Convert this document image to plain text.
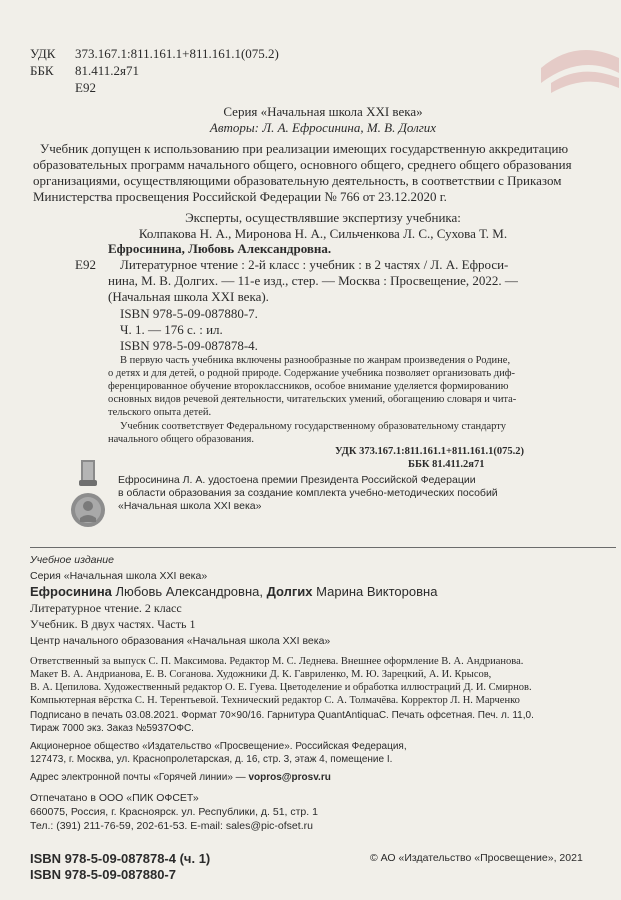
УДК 373.167.1:811.161.1+811.161.1(075.2)
ББК 81.411.2я71
Е92
Серия «Начальная школа XXI века»
Авторы: Л. А. Ефросинина, М. В. Долгих
Учебник допущен к использованию при реализации имеющих государственную аккредитацию
образовательных программ начального общего, основного общего, среднего общего образования
организациями, осуществляющими образовательную деятельность, в соответствии с Приказом
Министерства просвещения Российской Федерации № 766 от 23.12.2020 г.
Эксперты, осуществлявшие экспертизу учебника:
Колпакова Н. А., Миронова Н. А., Сильченкова Л. С., Сухова Т. М.
Ефросинина, Любовь Александровна.
Е92 Литературное чтение : 2-й класс : учебник : в 2 частях / Л. А. Ефроси-
нина, М. В. Долгих. — 11-е изд., стер. — Москва : Просвещение, 2022. —
(Начальная школа XXI века).
ISBN 978-5-09-087880-7.
Ч. 1. — 176 с. : ил.
ISBN 978-5-09-087878-4.
В первую часть учебника включены разнообразные по жанрам произведения о Родине,
о детях и для детей, о родной природе. Содержание учебника позволяет организовать диф-
ференцированное обучение второклассников, особое внимание уделяется формированию
основных видов речевой деятельности, читательских умений, обогащению словаря и чита-
тельского опыта детей.
Учебник соответствует Федеральному государственному образовательному стандарту
начального общего образования.
УДК 373.167.1:811.161.1+811.161.1(075.2)
ББК 81.411.2я71
Ефросинина Л. А. удостоена премии Президента Российской Федерации
в области образования за создание комплекта учебно-методических пособий
«Начальная школа XXI века»
Учебное издание
Серия «Начальная школа XXI века»
Ефросинина Любовь Александровна, Долгих Марина Викторовна
Литературное чтение. 2 класс
Учебник. В двух частях. Часть 1
Центр начального образования «Начальная школа XXI века»
Ответственный за выпуск С. П. Максимова. Редактор М. С. Леднева. Внешнее оформление В. А. Андрианова.
Макет В. А. Андрианова, Е. В. Соганова. Художники Д. К. Гавриленко, М. Ю. Зарецкий, А. И. Крысов,
В. А. Цепилова. Художественный редактор О. Е. Гуева. Цветоделение и обработка иллюстраций Д. И. Смирнов.
Компьютерная вёрстка С. Н. Терентьевой. Технический редактор С. А. Толмачёва. Корректор Л. Н. Марченко
Подписано в печать 03.08.2021. Формат 70×90/16. Гарнитура QuantAntiquaC. Печать офсетная. Печ. л. 11,0.
Тираж 7000 экз. Заказ №5937ОФС.
Акционерное общество «Издательство «Просвещение». Российская Федерация,
127473, г. Москва, ул. Краснопролетарская, д. 16, стр. 3, этаж 4, помещение I.
Адрес электронной почты «Горячей линии» — vopros@prosv.ru
Отпечатано в ООО «ПИК ОФСЕТ»
660075, Россия, г. Красноярск. ул. Республики, д. 51, стр. 1
Тел.: (391) 211-76-59, 202-61-53. E-mail: sales@pic-ofset.ru
ISBN 978-5-09-087878-4 (ч. 1)
ISBN 978-5-09-087880-7
© АО «Издательство «Просвещение», 2021
